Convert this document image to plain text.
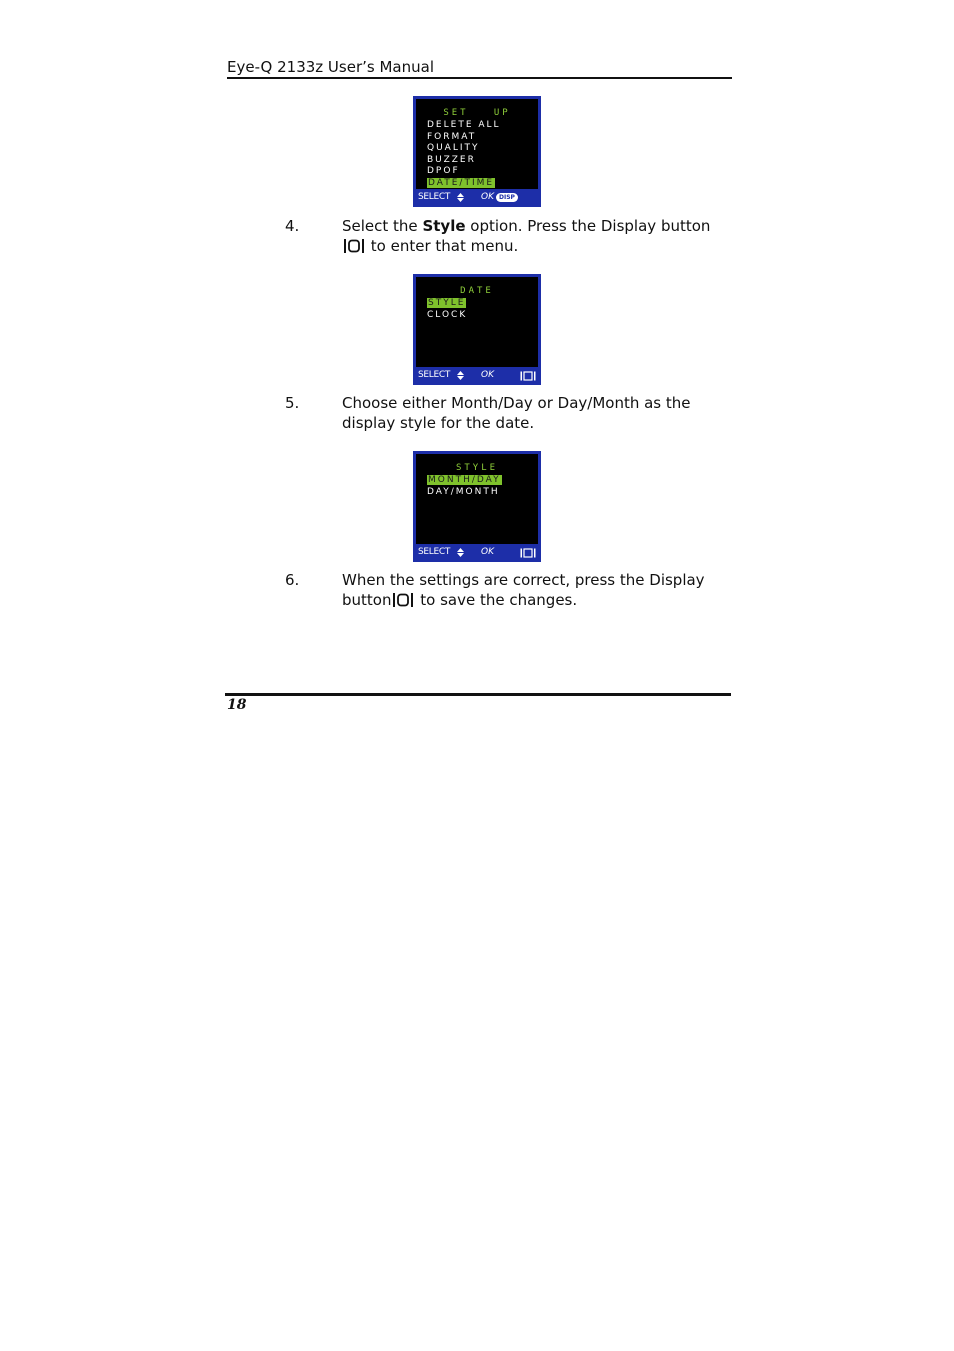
Eye-Q 2133z User’s Manual
SET   UP
DELETE ALL
FORMAT
QUALITY
BUZZER
DPOF
DATE/TIME
SELECT	OK DISP
4.	Select the Style option. Press the Display button
to enter that menu.
DATE
STYLE
CLOCK
SELECT	OK
5.	Choose either Month/Day or Day/Month as the display style for the date.
STYLE
MONTH/DAY
DAY/MONTH
SELECT	OK
6.	When the settings are correct, press the Display button to save the changes.
18
